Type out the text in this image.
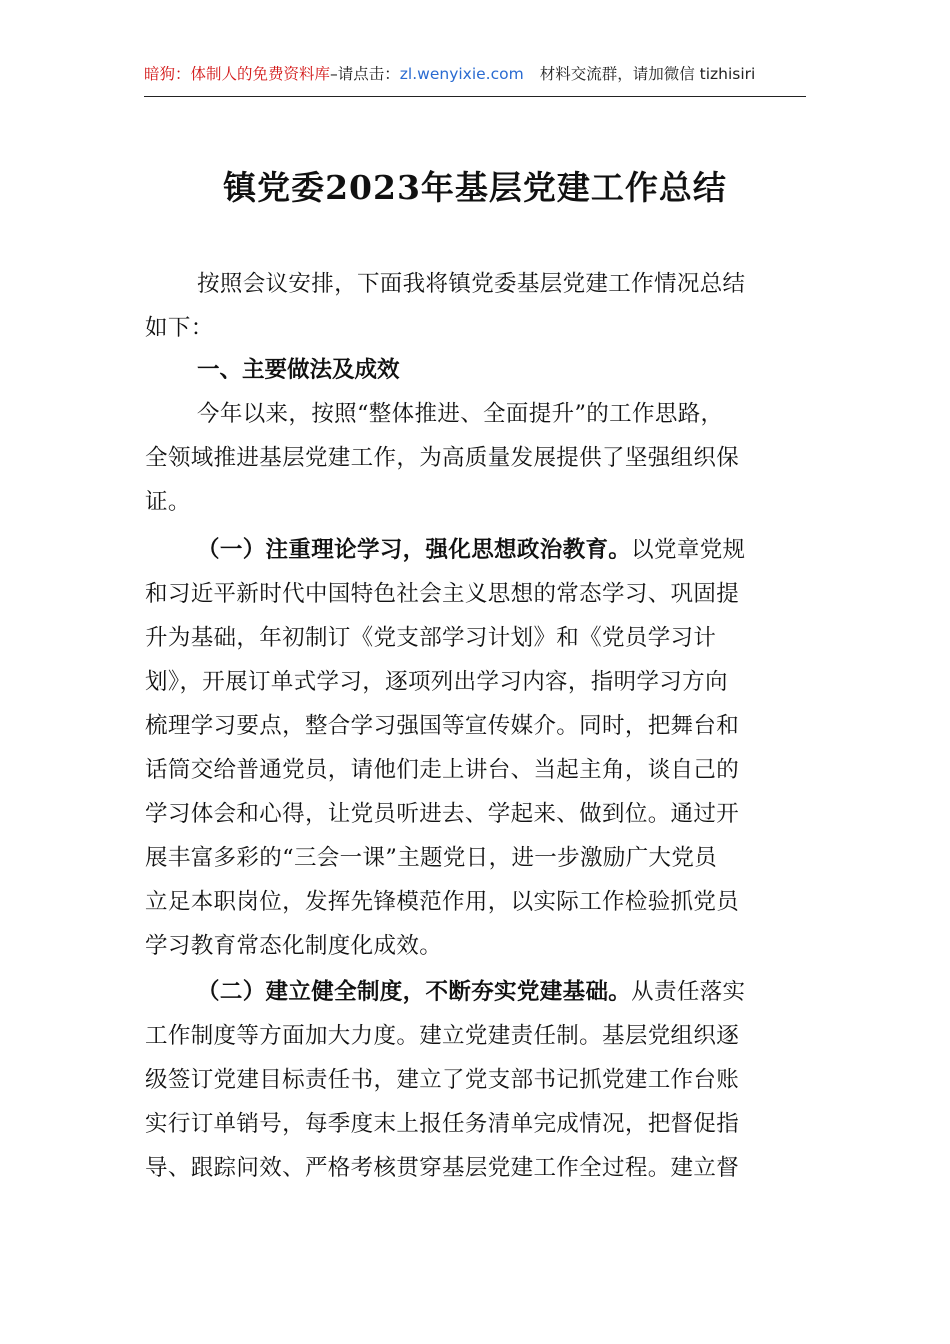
暗狗：体制人的免费资料库–请点击：zl.wenyixie.com 材料交流群，请加微信 tizhisiri
镇党委2023年基层党建工作总结
按照会议安排，下面我将镇党委基层党建工作情况总结
如下：
一、主要做法及成效
今年以来，按照“整体推进、全面提升”的工作思路，
全领域推进基层党建工作，为高质量发展提供了坚强组织保
证。
（一）注重理论学习，强化思想政治教育。以党章党规
和习近平新时代中国特色社会主义思想的常态学习、巩固提
升为基础，年初制订《党支部学习计划》和《党员学习计
划》，开展订单式学习，逐项列出学习内容，指明学习方向
梳理学习要点，整合学习强国等宣传媒介。同时，把舞台和
话筒交给普通党员，请他们走上讲台、当起主角，谈自己的
学习体会和心得，让党员听进去、学起来、做到位。通过开
展丰富多彩的“三会一课”主题党日，进一步激励广大党员
立足本职岗位，发挥先锋模范作用，以实际工作检验抓党员
学习教育常态化制度化成效。
（二）建立健全制度，不断夯实党建基础。从责任落实
工作制度等方面加大力度。建立党建责任制。基层党组织逐
级签订党建目标责任书，建立了党支部书记抓党建工作台账
实行订单销号，每季度末上报任务清单完成情况，把督促指
导、跟踪问效、严格考核贯穿基层党建工作全过程。建立督
